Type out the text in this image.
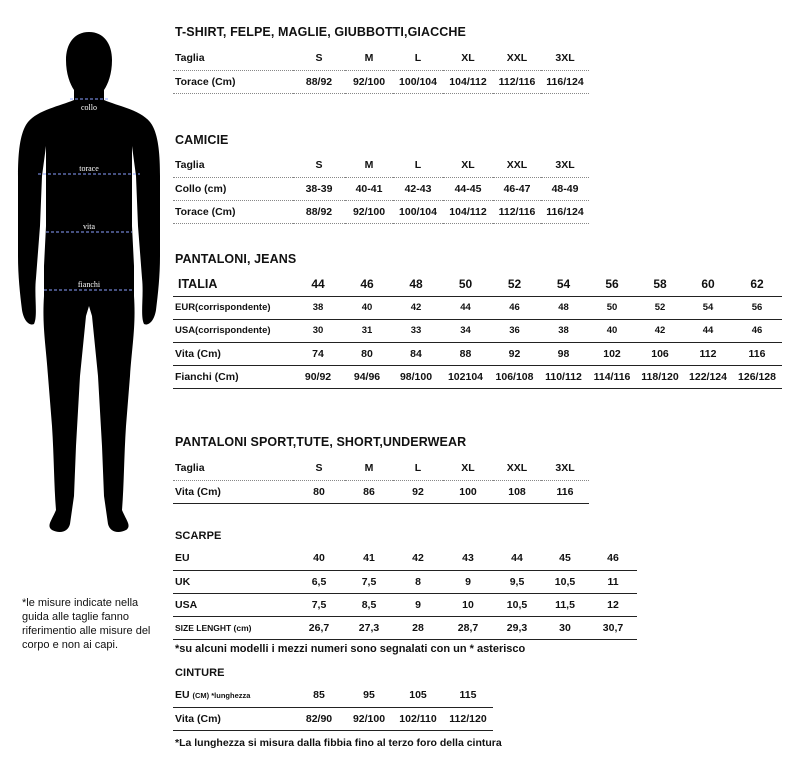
collo
torace
vita
fianchi
*le misure indicate nella guida alle taglie fanno riferimentio alle misure del corpo e non ai capi.
T-SHIRT, FELPE, MAGLIE, GIUBBOTTI,GIACCHE
Taglia	S	M	L	XL	XXL	3XL
Torace (Cm)	88/92	92/100	100/104	104/112	112/116	116/124
CAMICIE
Taglia	S	M	L	XL	XXL	3XL
Collo (cm)	38-39	40-41	42-43	44-45	46-47	48-49
Torace (Cm)	88/92	92/100	100/104	104/112	112/116	116/124
PANTALONI, JEANS
ITALIA	44	46	48	50	52	54	56	58	60	62
EUR(corrispondente)	38	40	42	44	46	48	50	52	54	56
USA(corrispondente)	30	31	33	34	36	38	40	42	44	46
Vita (Cm)	74	80	84	88	92	98	102	106	112	116
Fianchi (Cm)	90/92	94/96	98/100	102104	106/108	110/112	114/116	118/120	122/124	126/128
PANTALONI SPORT,TUTE, SHORT,UNDERWEAR
Taglia	S	M	L	XL	XXL	3XL
Vita (Cm)	80	86	92	100	108	116
SCARPE
EU	40	41	42	43	44	45	46
UK	6,5	7,5	8	9	9,5	10,5	11
USA	7,5	8,5	9	10	10,5	11,5	12
SIZE LENGHT (cm)	26,7	27,3	28	28,7	29,3	30	30,7
*su alcuni modelli i mezzi numeri sono segnalati con un * asterisco
CINTURE
EU (CM) *lunghezza	85	95	105	115
Vita (Cm)	82/90	92/100	102/110	112/120
*La lunghezza si misura dalla fibbia fino al terzo foro della cintura
